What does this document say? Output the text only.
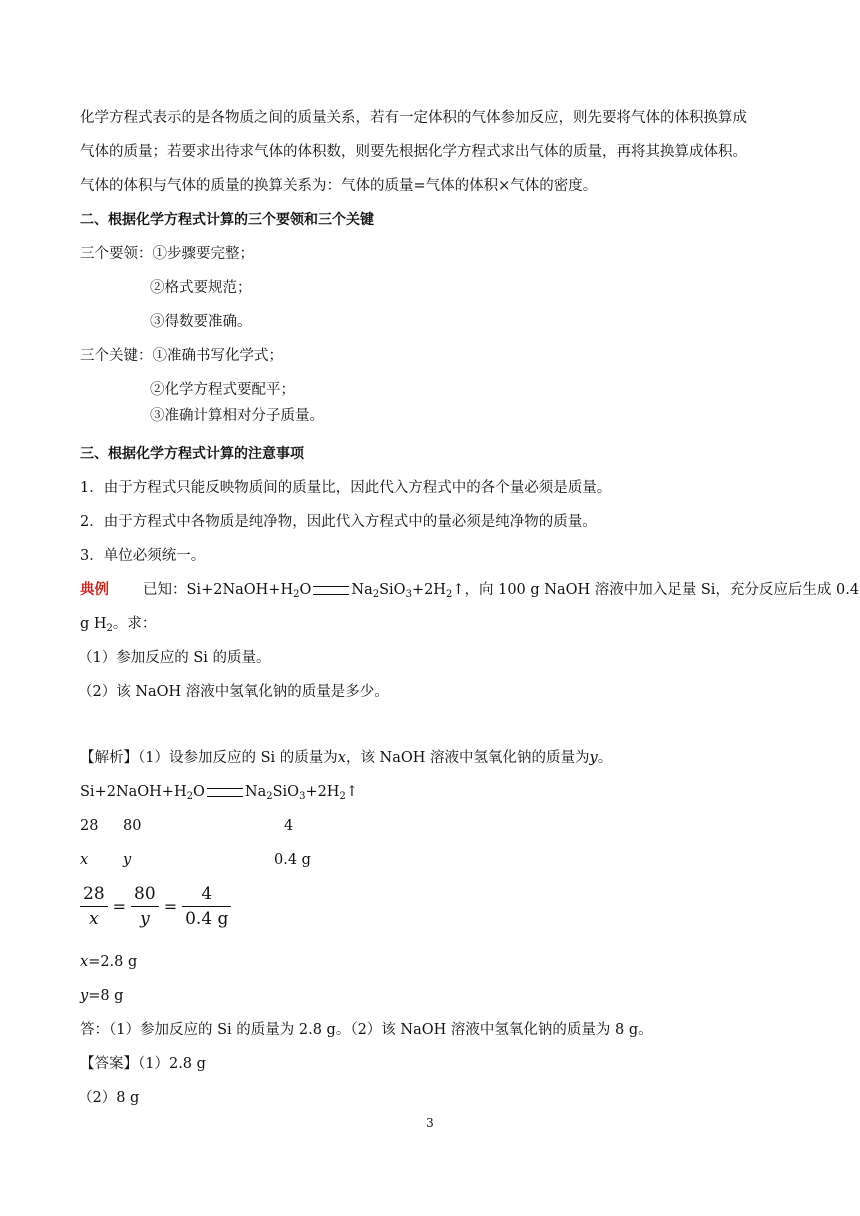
化学方程式表示的是各物质之间的质量关系，若有一定体积的气体参加反应，则先要将气体的体积换算成
气体的质量；若要求出待求气体的体积数，则要先根据化学方程式求出气体的质量，再将其换算成体积。
气体的体积与气体的质量的换算关系为：气体的质量=气体的体积×气体的密度。
二、根据化学方程式计算的三个要领和三个关键
三个要领：①步骤要完整；
②格式要规范；
③得数要准确。
三个关键：①准确书写化学式；
②化学方程式要配平；
③准确计算相对分子质量。
三、根据化学方程式计算的注意事项
1．由于方程式只能反映物质间的质量比，因此代入方程式中的各个量必须是质量。
2．由于方程式中各物质是纯净物，因此代入方程式中的量必须是纯净物的质量。
3．单位必须统一。
典例 已知：$Si+2NaOH+H_2O$	$Na_2SiO_3+2H_2↑$，向 100 g NaOH 溶液中加入足量 Si，充分反应后生成 0.4
g $H_2$。求：
（1）参加反应的 Si 的质量。
（2）该 NaOH 溶液中氢氧化钠的质量是多少。
【解析】（1）设参加反应的 Si 的质量为x，该 NaOH 溶液中氢氧化钠的质量为y。
$Si+2NaOH+H_2O$	$Na_2SiO_3+2H_2↑$
28 80	4
x y	0.4 g
$\frac{28}{x} = \frac{80}{y} = \frac{4}{0.4 g}$
x=2.8 g
y=8 g
答：（1）参加反应的 Si 的质量为 2.8 g。（2）该 NaOH 溶液中氢氧化钠的质量为 8 g。
【答案】（1）2.8 g
（2）8 g
3
